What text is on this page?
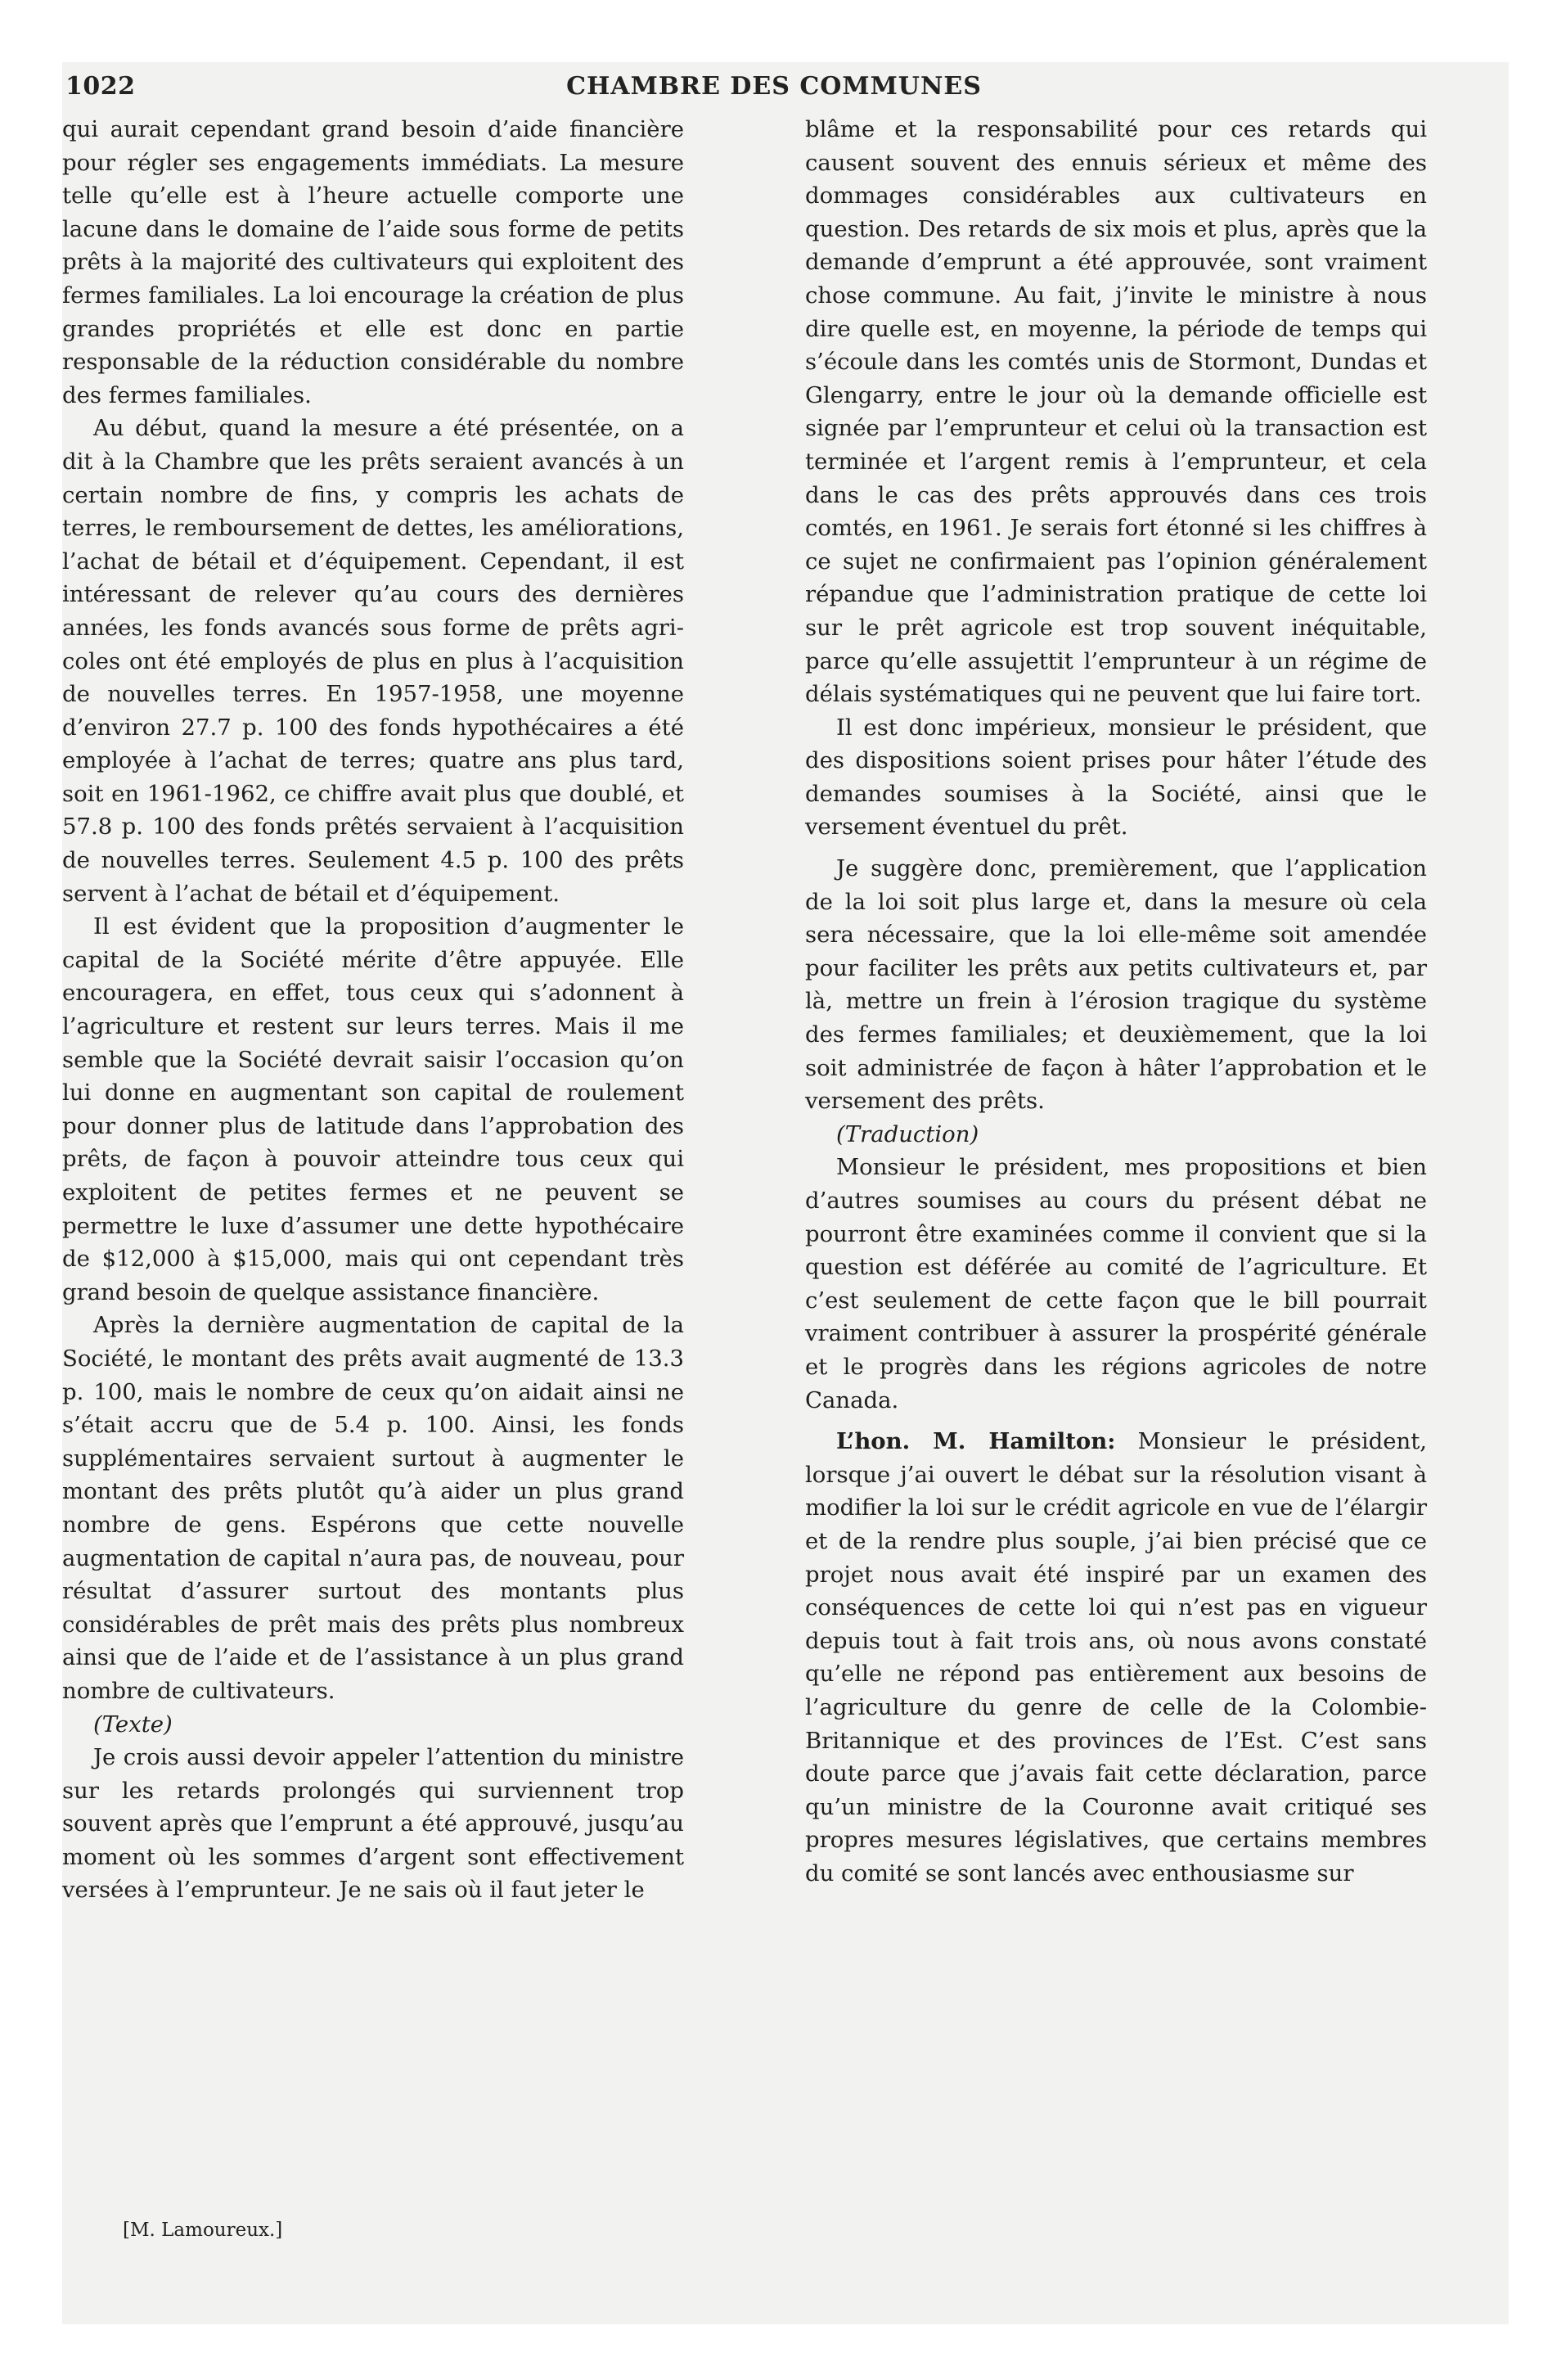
1022	CHAMBRE DES COMMUNES

qui aurait cependant grand besoin d’aide financière pour régler ses engagements immédiats. La mesure telle qu’elle est à l’heure actuelle comporte une lacune dans le domaine de l’aide sous forme de petits prêts à la majorité des cultivateurs qui exploitent des fermes familiales. La loi encourage la création de plus grandes propriétés et elle est donc en partie responsable de la réduction considérable du nombre des fermes familiales.

Au début, quand la mesure a été présentée, on a dit à la Chambre que les prêts seraient avancés à un certain nombre de fins, y compris les achats de terres, le remboursement de dettes, les améliorations, l’achat de bétail et d’équipement. Cependant, il est intéressant de relever qu’au cours des dernières années, les fonds avancés sous forme de prêts agricoles ont été employés de plus en plus à l’acquisition de nouvelles terres. En 1957-1958, une moyenne d’environ 27.7 p. 100 des fonds hypothécaires a été employée à l’achat de terres; quatre ans plus tard, soit en 1961-1962, ce chiffre avait plus que doublé, et 57.8 p. 100 des fonds prêtés servaient à l’acquisition de nouvelles terres. Seulement 4.5 p. 100 des prêts servent à l’achat de bétail et d’équipement.

Il est évident que la proposition d’augmenter le capital de la Société mérite d’être appuyée. Elle encouragera, en effet, tous ceux qui s’adonnent à l’agriculture et restent sur leurs terres. Mais il me semble que la Société devrait saisir l’occasion qu’on lui donne en augmentant son capital de roulement pour donner plus de latitude dans l’approbation des prêts, de façon à pouvoir atteindre tous ceux qui exploitent de petites fermes et ne peuvent se permettre le luxe d’assumer une dette hypothécaire de $12,000 à $15,000, mais qui ont cependant très grand besoin de quelque assistance financière.

Après la dernière augmentation de capital de la Société, le montant des prêts avait augmenté de 13.3 p. 100, mais le nombre de ceux qu’on aidait ainsi ne s’était accru que de 5.4 p. 100. Ainsi, les fonds supplémentaires servaient surtout à augmenter le montant des prêts plutôt qu’à aider un plus grand nombre de gens. Espérons que cette nouvelle augmentation de capital n’aura pas, de nouveau, pour résultat d’assurer surtout des montants plus considérables de prêt mais des prêts plus nombreux ainsi que de l’aide et de l’assistance à un plus grand nombre de cultivateurs.

(Texte)

Je crois aussi devoir appeler l’attention du ministre sur les retards prolongés qui surviennent trop souvent après que l’emprunt a été approuvé, jusqu’au moment où les sommes d’argent sont effectivement versées à l’emprunteur. Je ne sais où il faut jeter le

blâme et la responsabilité pour ces retards qui causent souvent des ennuis sérieux et même des dommages considérables aux cultivateurs en question. Des retards de six mois et plus, après que la demande d’emprunt a été approuvée, sont vraiment chose commune. Au fait, j’invite le ministre à nous dire quelle est, en moyenne, la période de temps qui s’écoule dans les comtés unis de Stormont, Dundas et Glengarry, entre le jour où la demande officielle est signée par l’emprunteur et celui où la transaction est terminée et l’argent remis à l’emprunteur, et cela dans le cas des prêts approuvés dans ces trois comtés, en 1961. Je serais fort étonné si les chiffres à ce sujet ne confirmaient pas l’opinion généralement répandue que l’administration pratique de cette loi sur le prêt agricole est trop souvent inéquitable, parce qu’elle assujettit l’emprunteur à un régime de délais systématiques qui ne peuvent que lui faire tort.

Il est donc impérieux, monsieur le président, que des dispositions soient prises pour hâter l’étude des demandes soumises à la Société, ainsi que le versement éventuel du prêt.

Je suggère donc, premièrement, que l’application de la loi soit plus large et, dans la mesure où cela sera nécessaire, que la loi elle-même soit amendée pour faciliter les prêts aux petits cultivateurs et, par là, mettre un frein à l’érosion tragique du système des fermes familiales; et deuxièmement, que la loi soit administrée de façon à hâter l’approbation et le versement des prêts.

(Traduction)

Monsieur le président, mes propositions et bien d’autres soumises au cours du présent débat ne pourront être examinées comme il convient que si la question est déférée au comité de l’agriculture. Et c’est seulement de cette façon que le bill pourrait vraiment contribuer à assurer la prospérité générale et le progrès dans les régions agricoles de notre Canada.

L’hon. M. Hamilton: Monsieur le président, lorsque j’ai ouvert le débat sur la résolution visant à modifier la loi sur le crédit agricole en vue de l’élargir et de la rendre plus souple, j’ai bien précisé que ce projet nous avait été inspiré par un examen des conséquences de cette loi qui n’est pas en vigueur depuis tout à fait trois ans, où nous avons constaté qu’elle ne répond pas entièrement aux besoins de l’agriculture du genre de celle de la Colombie-Britannique et des provinces de l’Est. C’est sans doute parce que j’avais fait cette déclaration, parce qu’un ministre de la Couronne avait critiqué ses propres mesures législatives, que certains membres du comité se sont lancés avec enthousiasme sur

[M. Lamoureux.]
